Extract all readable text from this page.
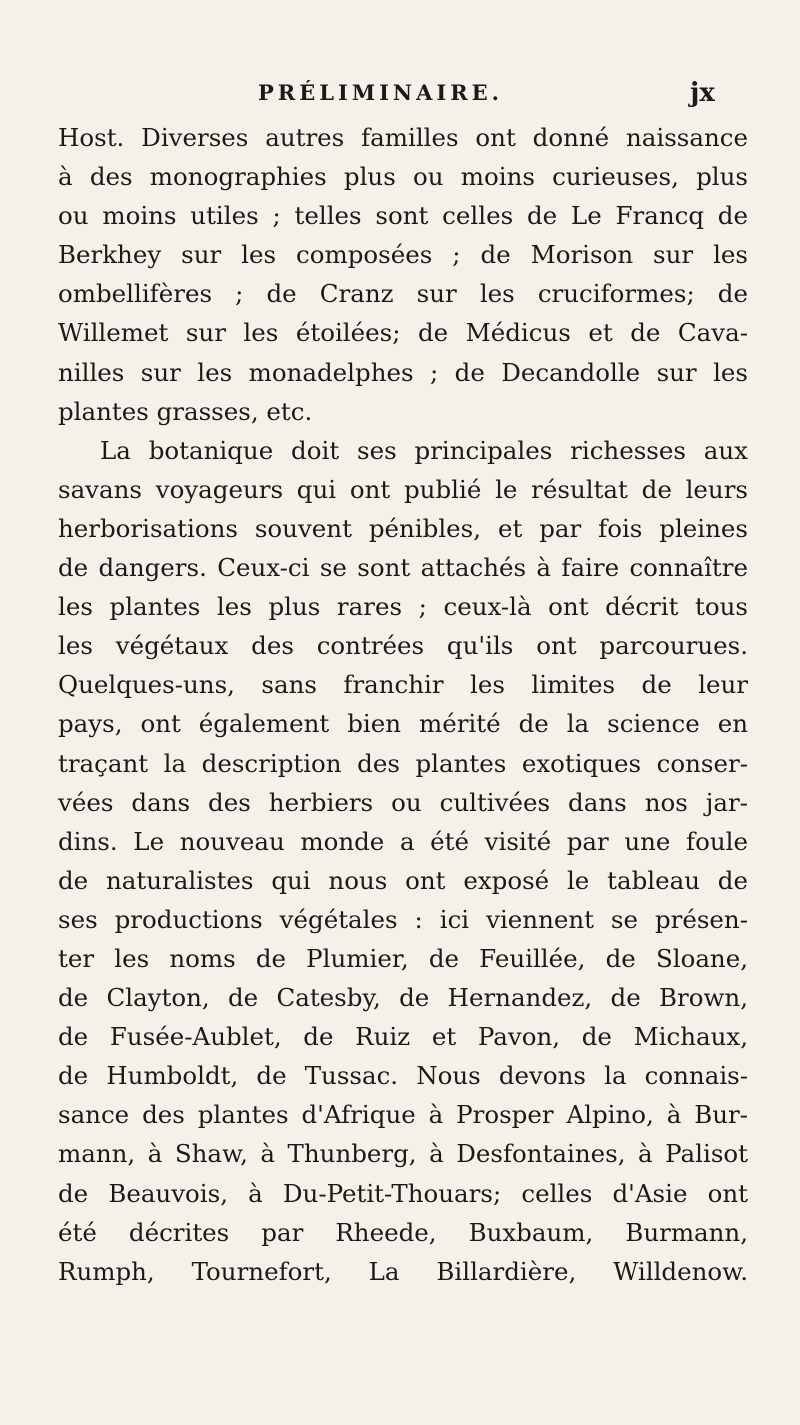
PRÉLIMINAIRE.	jx
Host. Diverses autres familles ont donné naissance
à des monographies plus ou moins curieuses, plus
ou moins utiles ; telles sont celles de Le Francq de
Berkhey sur les composées ; de Morison sur les
ombellifères ; de Cranz sur les cruciformes; de
Willemet sur les étoilées; de Médicus et de Cava-
nilles sur les monadelphes ; de Decandolle sur les
plantes grasses, etc.
La botanique doit ses principales richesses aux
savans voyageurs qui ont publié le résultat de leurs
herborisations souvent pénibles, et par fois pleines
de dangers. Ceux-ci se sont attachés à faire connaître
les plantes les plus rares ; ceux-là ont décrit tous
les végétaux des contrées qu'ils ont parcourues.
Quelques-uns, sans franchir les limites de leur
pays, ont également bien mérité de la science en
traçant la description des plantes exotiques conser-
vées dans des herbiers ou cultivées dans nos jar-
dins. Le nouveau monde a été visité par une foule
de naturalistes qui nous ont exposé le tableau de
ses productions végétales : ici viennent se présen-
ter les noms de Plumier, de Feuillée, de Sloane,
de Clayton, de Catesby, de Hernandez, de Brown,
de Fusée-Aublet, de Ruiz et Pavon, de Michaux,
de Humboldt, de Tussac. Nous devons la connais-
sance des plantes d'Afrique à Prosper Alpino, à Bur-
mann, à Shaw, à Thunberg, à Desfontaines, à Palisot
de Beauvois, à Du-Petit-Thouars; celles d'Asie ont
été décrites par Rheede, Buxbaum, Burmann,
Rumph, Tournefort, La Billardière, Willdenow.
